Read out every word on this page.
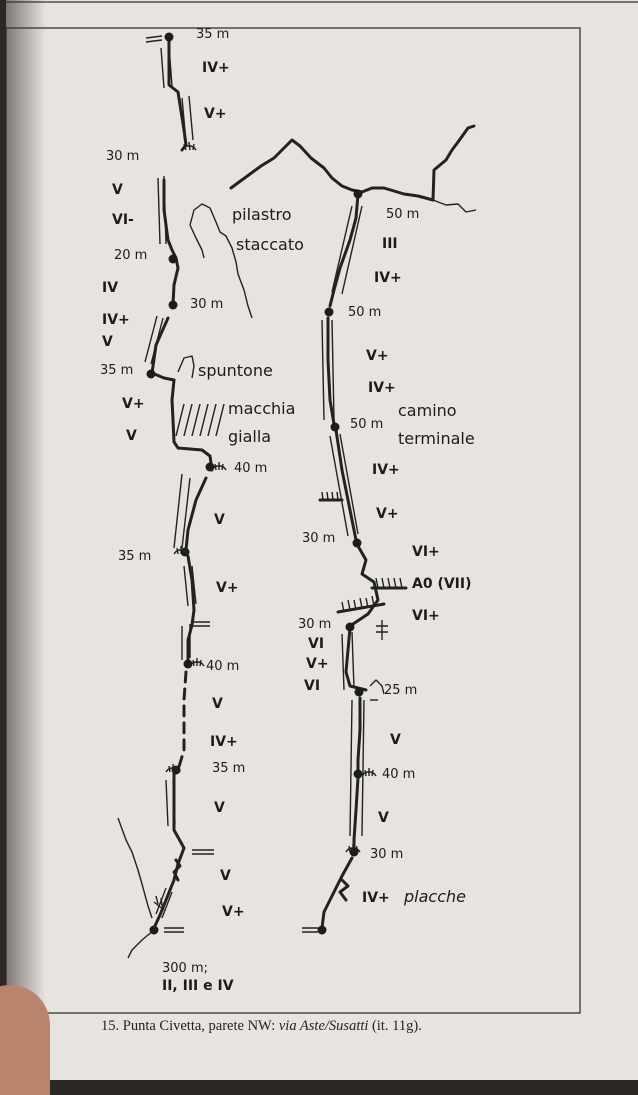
35 m
IV+
V+
30 m
V
VI-
20 m
30 m
IV
IV+
V
35 m
V+
V
40 m
V
35 m
V+
40 m
V
IV+
35 m
V
V
V+
300 m;
II, III e IV
pilastro
staccato
spuntone
macchia
gialla
camino
terminale
placche
50 m
III
IV+
50 m
V+
IV+
50 m
IV+
V+
30 m
VI+
A0 (VII)
VI+
30 m
VI
V+
VI	25 m
V
40 m
V
30 m
IV+
15. Punta Civetta, parete NW: via Aste/Susatti (it. 11g).
